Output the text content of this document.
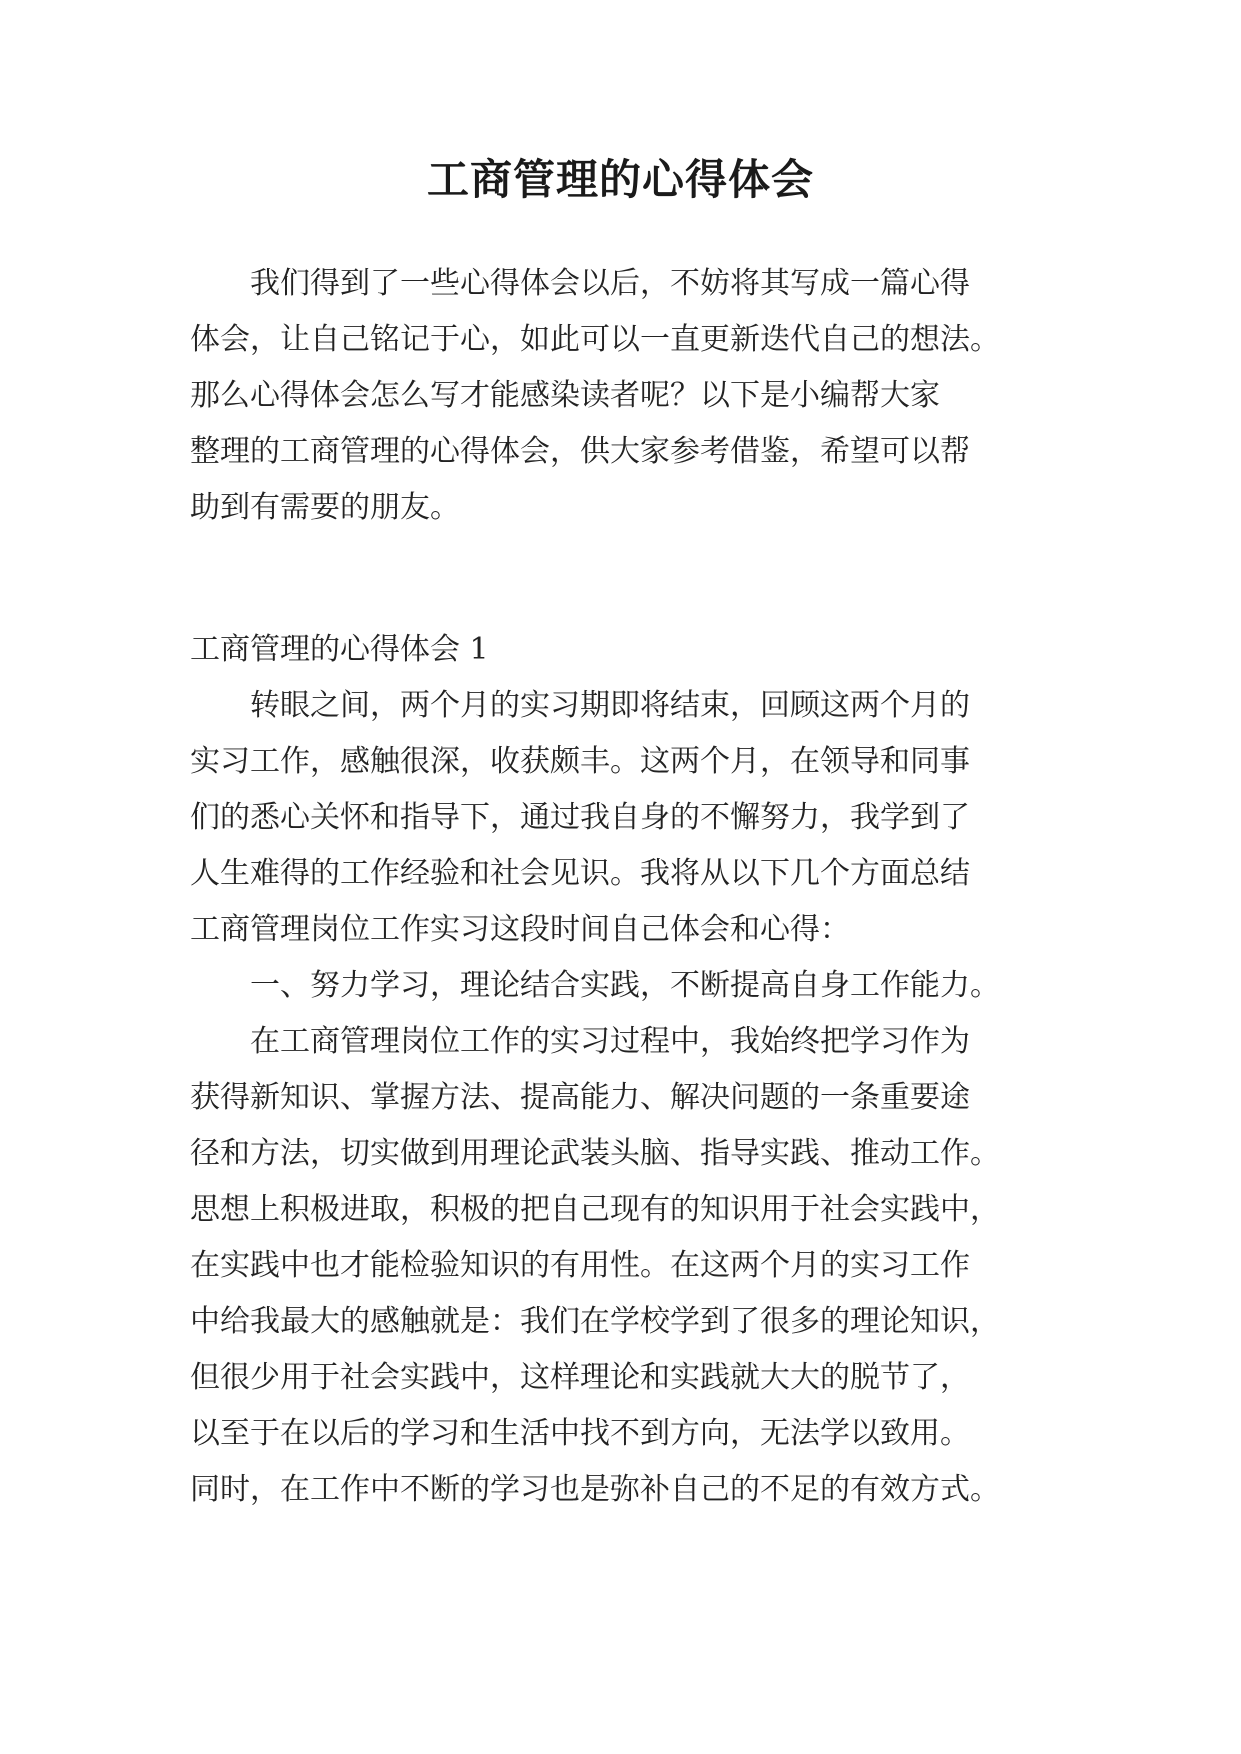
工商管理的心得体会
我们得到了一些心得体会以后，不妨将其写成一篇心得
体会，让自己铭记于心，如此可以一直更新迭代自己的想法。
那么心得体会怎么写才能感染读者呢？以下是小编帮大家
整理的工商管理的心得体会，供大家参考借鉴，希望可以帮
助到有需要的朋友。
工商管理的心得体会 1
转眼之间，两个月的实习期即将结束，回顾这两个月的
实习工作，感触很深，收获颇丰。这两个月，在领导和同事
们的悉心关怀和指导下，通过我自身的不懈努力，我学到了
人生难得的工作经验和社会见识。我将从以下几个方面总结
工商管理岗位工作实习这段时间自己体会和心得：
一、努力学习，理论结合实践，不断提高自身工作能力。
在工商管理岗位工作的实习过程中，我始终把学习作为
获得新知识、掌握方法、提高能力、解决问题的一条重要途
径和方法，切实做到用理论武装头脑、指导实践、推动工作。
思想上积极进取，积极的把自己现有的知识用于社会实践中，
在实践中也才能检验知识的有用性。在这两个月的实习工作
中给我最大的感触就是：我们在学校学到了很多的理论知识，
但很少用于社会实践中，这样理论和实践就大大的脱节了，
以至于在以后的学习和生活中找不到方向，无法学以致用。
同时，在工作中不断的学习也是弥补自己的不足的有效方式。
